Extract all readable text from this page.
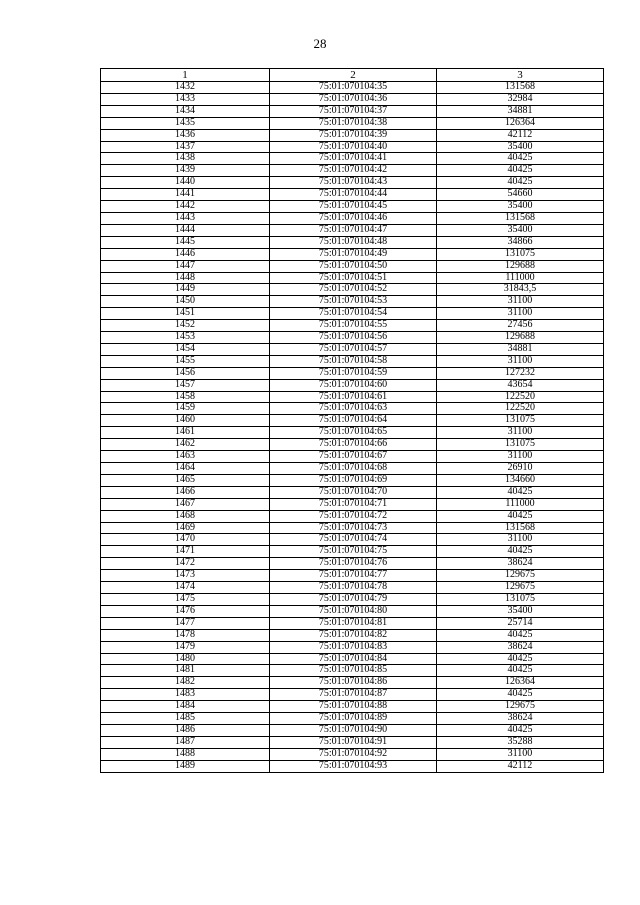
28
1	2	3
1432	75:01:070104:35	131568
1433	75:01:070104:36	32984
1434	75:01:070104:37	34881
1435	75:01:070104:38	126364
1436	75:01:070104:39	42112
1437	75:01:070104:40	35400
1438	75:01:070104:41	40425
1439	75:01:070104:42	40425
1440	75:01:070104:43	40425
1441	75:01:070104:44	54660
1442	75:01:070104:45	35400
1443	75:01:070104:46	131568
1444	75:01:070104:47	35400
1445	75:01:070104:48	34866
1446	75:01:070104:49	131075
1447	75:01:070104:50	129688
1448	75:01:070104:51	111000
1449	75:01:070104:52	31843,5
1450	75:01:070104:53	31100
1451	75:01:070104:54	31100
1452	75:01:070104:55	27456
1453	75:01:070104:56	129688
1454	75:01:070104:57	34881
1455	75:01:070104:58	31100
1456	75:01:070104:59	127232
1457	75:01:070104:60	43654
1458	75:01:070104:61	122520
1459	75:01:070104:63	122520
1460	75:01:070104:64	131075
1461	75:01:070104:65	31100
1462	75:01:070104:66	131075
1463	75:01:070104:67	31100
1464	75:01:070104:68	26910
1465	75:01:070104:69	134660
1466	75:01:070104:70	40425
1467	75:01:070104:71	111000
1468	75:01:070104:72	40425
1469	75:01:070104:73	131568
1470	75:01:070104:74	31100
1471	75:01:070104:75	40425
1472	75:01:070104:76	38624
1473	75:01:070104:77	129675
1474	75:01:070104:78	129675
1475	75:01:070104:79	131075
1476	75:01:070104:80	35400
1477	75:01:070104:81	25714
1478	75:01:070104:82	40425
1479	75:01:070104:83	38624
1480	75:01:070104:84	40425
1481	75:01:070104:85	40425
1482	75:01:070104:86	126364
1483	75:01:070104:87	40425
1484	75:01:070104:88	129675
1485	75:01:070104:89	38624
1486	75:01:070104:90	40425
1487	75:01:070104:91	35288
1488	75:01:070104:92	31100
1489	75:01:070104:93	42112
